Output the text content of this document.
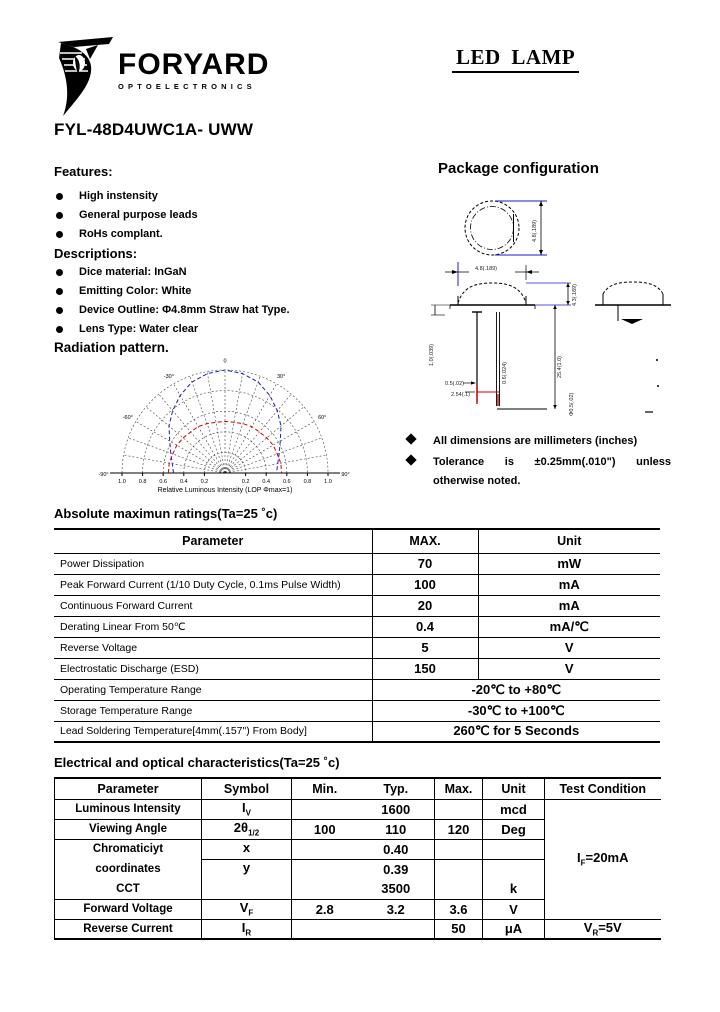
FORYARD
OPTOELECTRONICS
LED LAMP
FYL-48D4UWC1A- UWW
Features:
High instensity
General purpose leads
RoHs complant.
Descriptions:
Dice material: InGaN
Emitting Color: White
Device Outline: Φ4.8mm Straw hat Type.
Lens Type: Water clear
Radiation pattern.
-90°
-60°
-30°
0
30°
60°
90°
0.2	0.2
0.4	0.4
0.6	0.6
0.8	0.8
1.0	1.0
Relative Luminous Intensity (LOP Φmax=1)
Package configuration
4.8(.189)
4.8(.189)
0.5(.02)
2.54(.1)
4.3(.169)
1.0(.039)
25.4(1.0)
0.6(.024)
Φ0.5(.02)
All dimensions are millimeters (inches)
Tolerance is ±0.25mm(.010") unless otherwise noted.
Absolute maximun ratings(Ta=25 ˚c)
Parameter	MAX.	Unit
Power Dissipation	70	mW
Peak Forward Current (1/10 Duty Cycle, 0.1ms Pulse Width)	100	mA
Continuous Forward Current	20	mA
Derating Linear From 50℃	0.4	mA/℃
Reverse Voltage	5	V
Electrostatic Discharge (ESD)	150	V
Operating Temperature Range	-20℃ to +80℃	
Storage Temperature Range	-30℃ to +100℃	
Lead Soldering Temperature[4mm(.157") From Body]	260℃ for 5 Seconds	
Electrical and optical characteristics(Ta=25 ˚c)
Parameter	Symbol	Min.	Typ.	Max.	Unit	Test Condition
Luminous Intensity	$I_V$		1600		mcd	$I_F=20mA$
Viewing Angle	$2\theta_{1/2}$	100	110	120	Deg	
Chromaticiyt	x		0.40			
coordinates	y		0.39			
CCT			3500		k	
Forward Voltage	$V_F$	2.8	3.2	3.6	V	
Reverse Current	$I_R$			50	μA	$V_R=5V$
